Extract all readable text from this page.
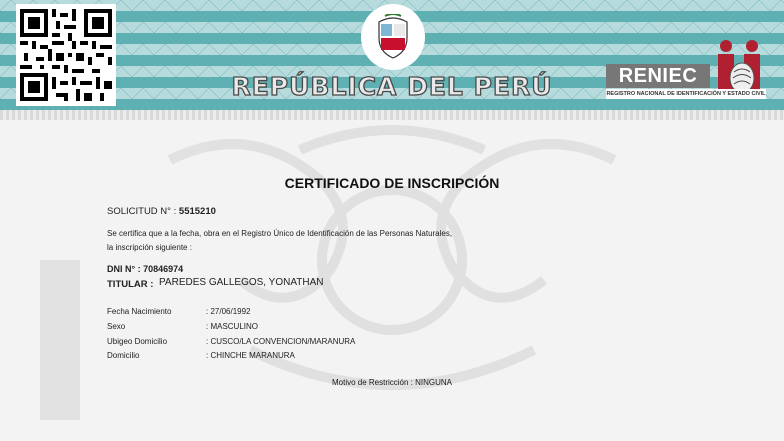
REPÚBLICA DEL PERÚ	RENIEC
REGISTRO NACIONAL DE IDENTIFICACIÓN Y ESTADO CIVIL
CERTIFICADO DE INSCRIPCIÓN
SOLICITUD N° : 5515210
Se certifica que a la fecha, obra en el Registro Único de Identificación de las Personas Naturales,
la inscripción siguiente :
DNI N° : 70846974
TITULAR : PAREDES GALLEGOS, YONATHAN
Fecha Nacimiento	: 27/06/1992
Sexo	: MASCULINO
Ubigeo Domicilio	: CUSCO/LA CONVENCION/MARANURA
Domicilio	: CHINCHE MARANURA
Motivo de Restricción : NINGUNA
